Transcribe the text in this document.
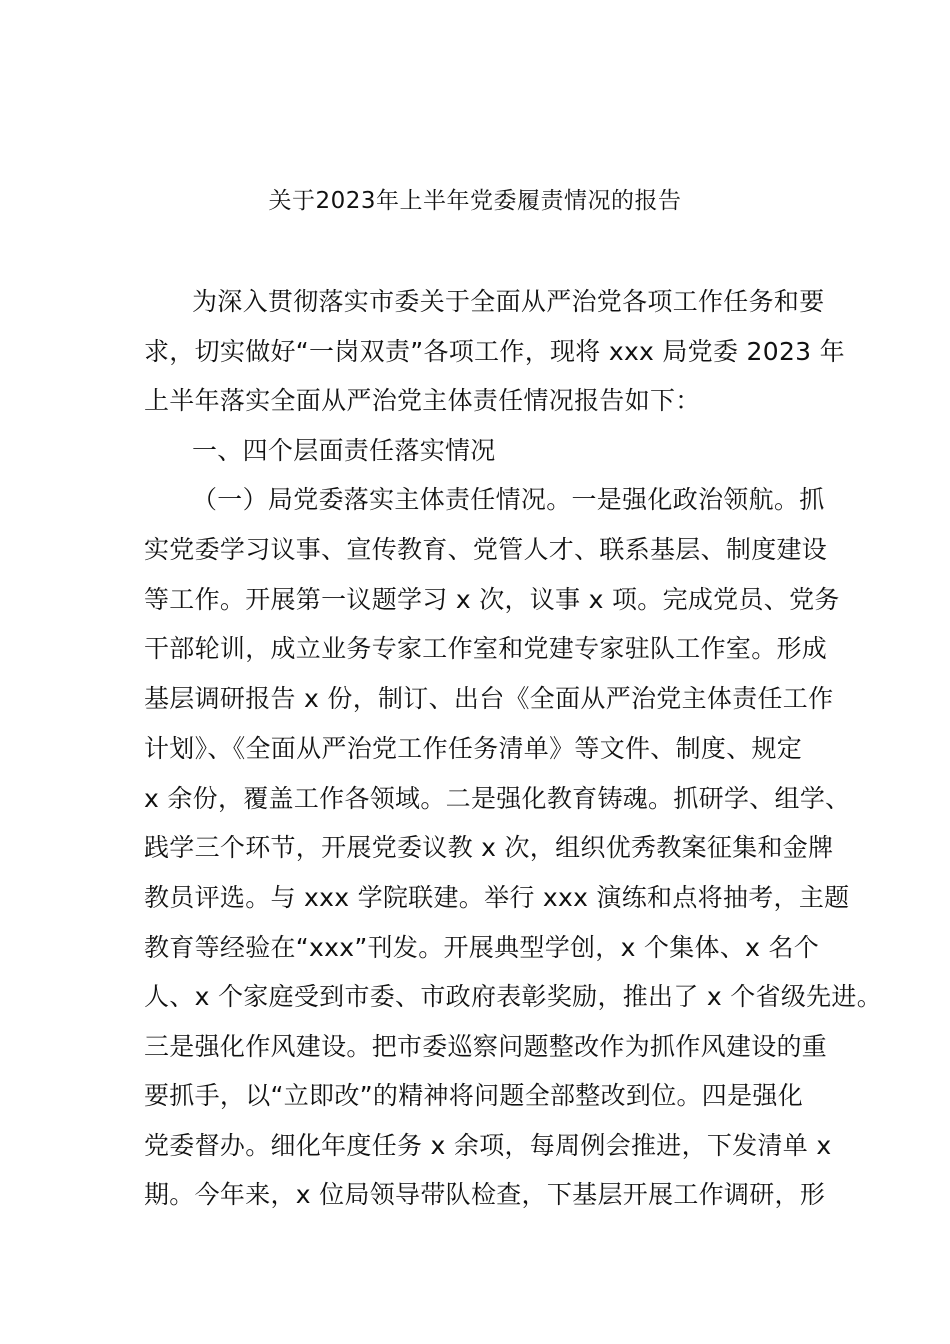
关于2023年上半年党委履责情况的报告
为深入贯彻落实市委关于全面从严治党各项工作任务和要
求，切实做好“一岗双责”各项工作，现将 xxx 局党委 2023 年
上半年落实全面从严治党主体责任情况报告如下：
一、四个层面责任落实情况
（一）局党委落实主体责任情况。一是强化政治领航。抓
实党委学习议事、宣传教育、党管人才、联系基层、制度建设
等工作。开展第一议题学习 x 次，议事 x 项。完成党员、党务
干部轮训，成立业务专家工作室和党建专家驻队工作室。形成
基层调研报告 x 份，制订、出台《全面从严治党主体责任工作
计划》、《全面从严治党工作任务清单》等文件、制度、规定
x 余份，覆盖工作各领域。二是强化教育铸魂。抓研学、组学、
践学三个环节，开展党委议教 x 次，组织优秀教案征集和金牌
教员评选。与 xxx 学院联建。举行 xxx 演练和点将抽考，主题
教育等经验在“xxx”刊发。开展典型学创，x 个集体、x 名个
人、x 个家庭受到市委、市政府表彰奖励，推出了 x 个省级先进。
三是强化作风建设。把市委巡察问题整改作为抓作风建设的重
要抓手，以“立即改”的精神将问题全部整改到位。四是强化
党委督办。细化年度任务 x 余项，每周例会推进，下发清单 x
期。今年来，x 位局领导带队检查，下基层开展工作调研，形
